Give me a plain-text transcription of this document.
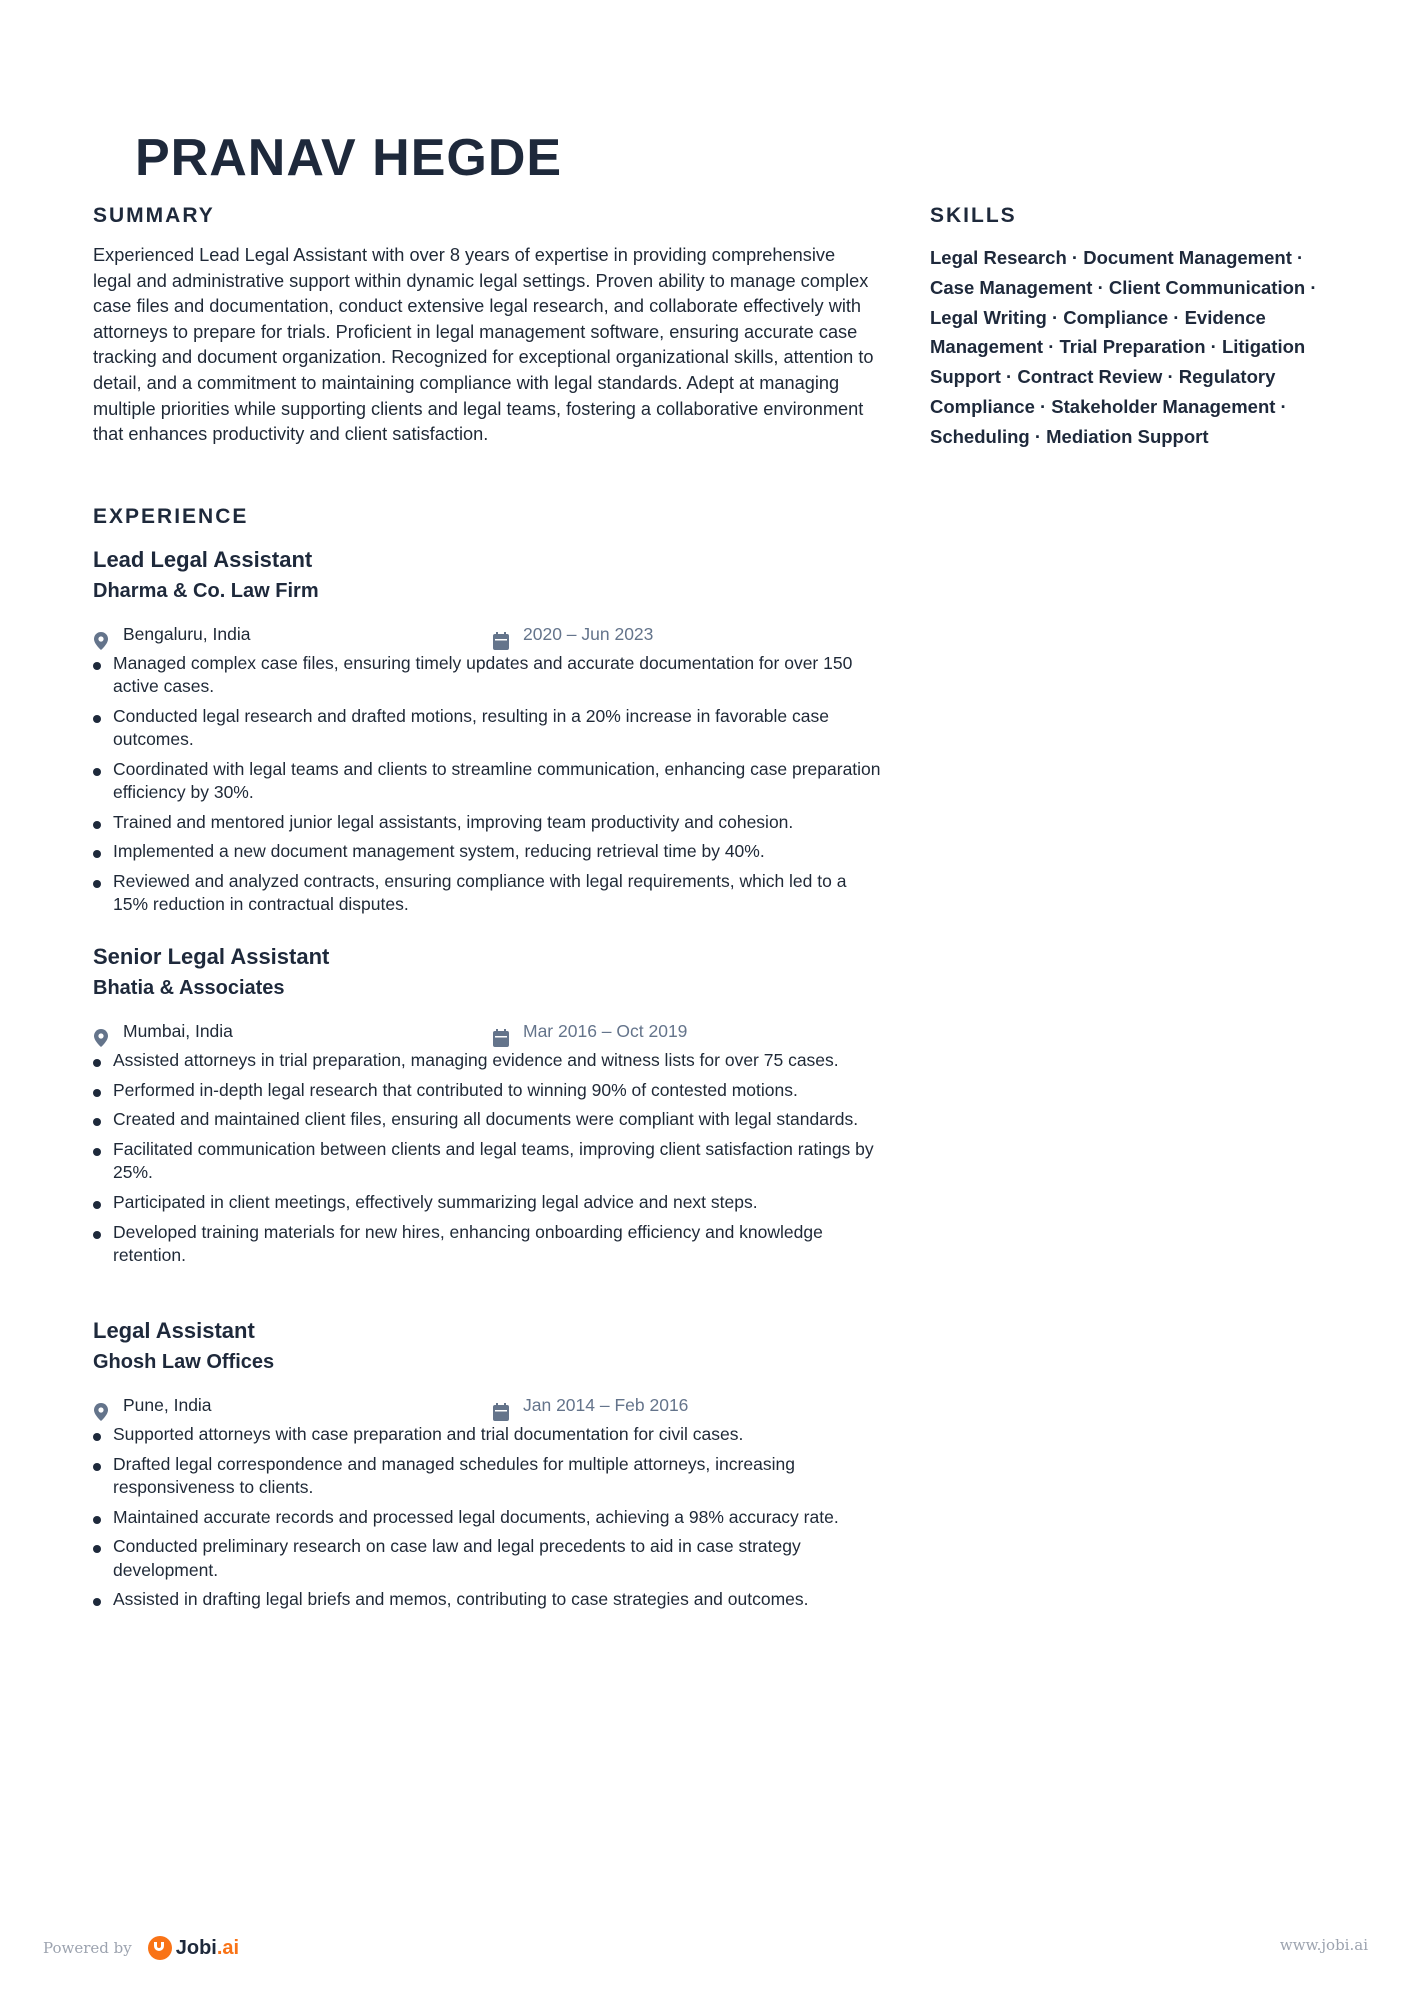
PRANAV HEGDE
SUMMARY
Experienced Lead Legal Assistant with over 8 years of expertise in providing comprehensive legal and administrative support within dynamic legal settings. Proven ability to manage complex case files and documentation, conduct extensive legal research, and collaborate effectively with attorneys to prepare for trials. Proficient in legal management software, ensuring accurate case tracking and document organization. Recognized for exceptional organizational skills, attention to detail, and a commitment to maintaining compliance with legal standards. Adept at managing multiple priorities while supporting clients and legal teams, fostering a collaborative environment that enhances productivity and client satisfaction.
SKILLS
Legal Research · Document Management · Case Management · Client Communication · Legal Writing · Compliance · Evidence Management · Trial Preparation · Litigation Support · Contract Review · Regulatory Compliance · Stakeholder Management · Scheduling · Mediation Support
EXPERIENCE
Lead Legal Assistant
Dharma & Co. Law Firm
Bengaluru, India	2020 – Jun 2023
Managed complex case files, ensuring timely updates and accurate documentation for over 150 active cases.
Conducted legal research and drafted motions, resulting in a 20% increase in favorable case outcomes.
Coordinated with legal teams and clients to streamline communication, enhancing case preparation efficiency by 30%.
Trained and mentored junior legal assistants, improving team productivity and cohesion.
Implemented a new document management system, reducing retrieval time by 40%.
Reviewed and analyzed contracts, ensuring compliance with legal requirements, which led to a 15% reduction in contractual disputes.
Senior Legal Assistant
Bhatia & Associates
Mumbai, India	Mar 2016 – Oct 2019
Assisted attorneys in trial preparation, managing evidence and witness lists for over 75 cases.
Performed in-depth legal research that contributed to winning 90% of contested motions.
Created and maintained client files, ensuring all documents were compliant with legal standards.
Facilitated communication between clients and legal teams, improving client satisfaction ratings by 25%.
Participated in client meetings, effectively summarizing legal advice and next steps.
Developed training materials for new hires, enhancing onboarding efficiency and knowledge retention.
Legal Assistant
Ghosh Law Offices
Pune, India	Jan 2014 – Feb 2016
Supported attorneys with case preparation and trial documentation for civil cases.
Drafted legal correspondence and managed schedules for multiple attorneys, increasing responsiveness to clients.
Maintained accurate records and processed legal documents, achieving a 98% accuracy rate.
Conducted preliminary research on case law and legal precedents to aid in case strategy development.
Assisted in drafting legal briefs and memos, contributing to case strategies and outcomes.
Powered by Jobi.ai	www.jobi.ai
